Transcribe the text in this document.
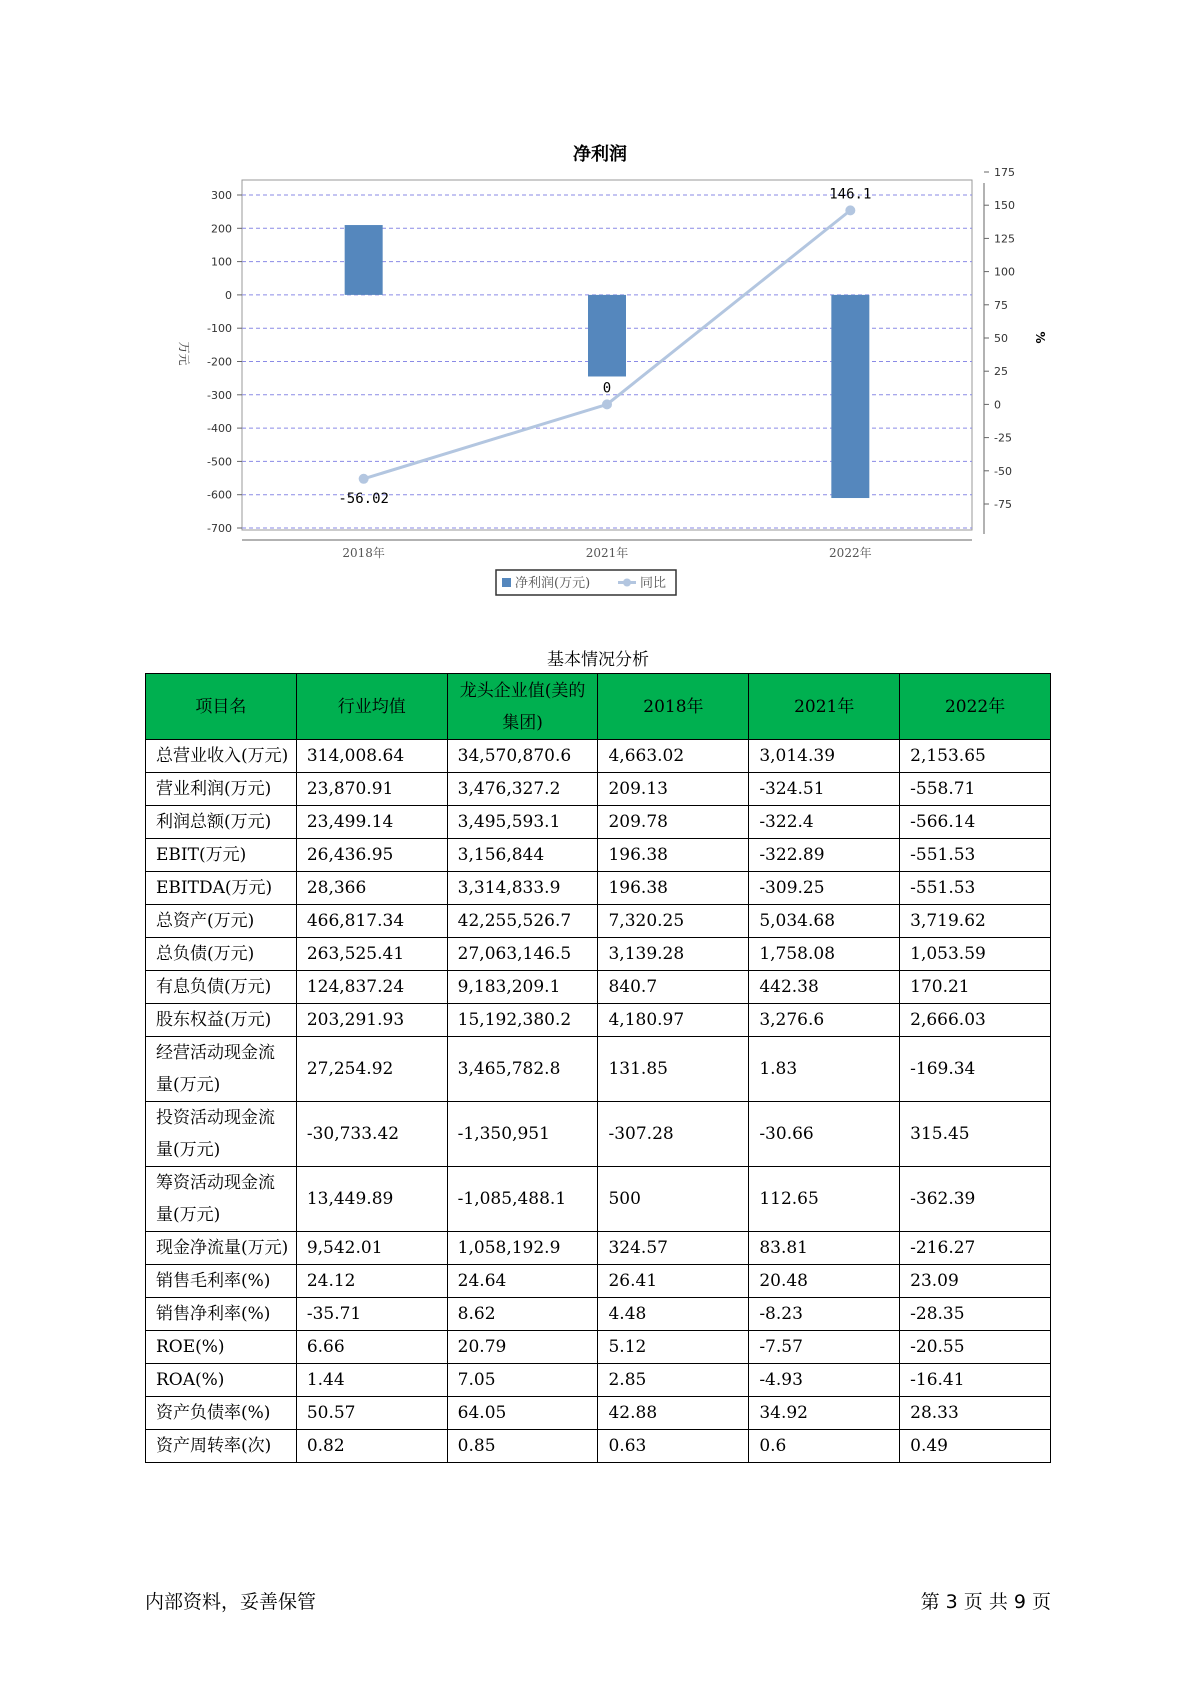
净利润
300
200
100
0
-100
-200
-300
-400
-500
-600
-700
175
150
125
100
75
50
25
0
-25
-50
-75
万元
%
2018年	2021年	2022年
-56.02
0
146.1
净利润(万元)	同比
基本情况分析
项目名	行业均值	龙头企业值(美的集团)	2018年	2021年	2022年
总营业收入(万元)	314,008.64	34,570,870.6	4,663.02	3,014.39	2,153.65
营业利润(万元)	23,870.91	3,476,327.2	209.13	-324.51	-558.71
利润总额(万元)	23,499.14	3,495,593.1	209.78	-322.4	-566.14
EBIT(万元)	26,436.95	3,156,844	196.38	-322.89	-551.53
EBITDA(万元)	28,366	3,314,833.9	196.38	-309.25	-551.53
总资产(万元)	466,817.34	42,255,526.7	7,320.25	5,034.68	3,719.62
总负债(万元)	263,525.41	27,063,146.5	3,139.28	1,758.08	1,053.59
有息负债(万元)	124,837.24	9,183,209.1	840.7	442.38	170.21
股东权益(万元)	203,291.93	15,192,380.2	4,180.97	3,276.6	2,666.03
经营活动现金流量(万元)	27,254.92	3,465,782.8	131.85	1.83	-169.34
投资活动现金流量(万元)	-30,733.42	-1,350,951	-307.28	-30.66	315.45
筹资活动现金流量(万元)	13,449.89	-1,085,488.1	500	112.65	-362.39
现金净流量(万元)	9,542.01	1,058,192.9	324.57	83.81	-216.27
销售毛利率(%)	24.12	24.64	26.41	20.48	23.09
销售净利率(%)	-35.71	8.62	4.48	-8.23	-28.35
ROE(%)	6.66	20.79	5.12	-7.57	-20.55
ROA(%)	1.44	7.05	2.85	-4.93	-16.41
资产负债率(%)	50.57	64.05	42.88	34.92	28.33
资产周转率(次)	0.82	0.85	0.63	0.6	0.49
内部资料，妥善保管	第 3 页 共 9 页
